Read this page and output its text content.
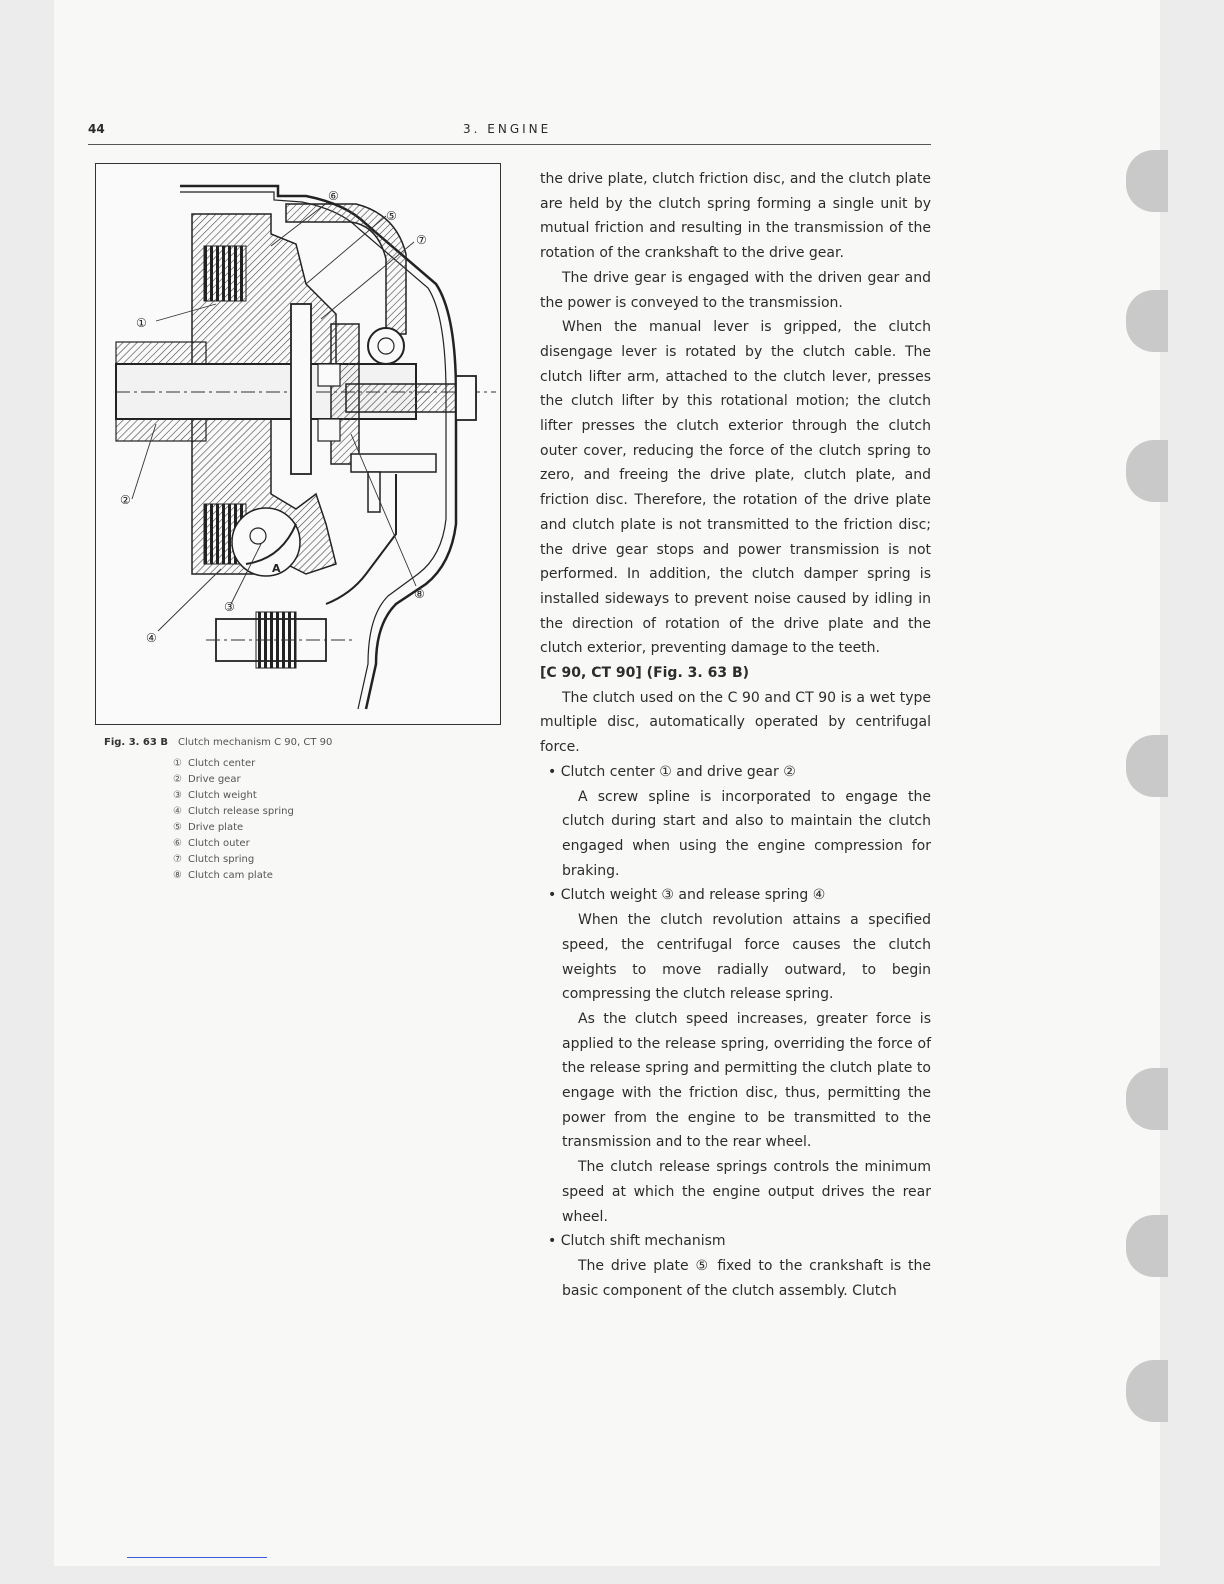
44	3. ENGINE
⑥
⑤
⑦
①
②
③
⑧
④
A
Fig. 3. 63 B Clutch mechanism C 90, CT 90
① Clutch center
② Drive gear
③ Clutch weight
④ Clutch release spring
⑤ Drive plate
⑥ Clutch outer
⑦ Clutch spring
⑧ Clutch cam plate

the drive plate, clutch friction disc, and the clutch plate are held by the clutch spring forming a single unit by mutual friction and resulting in the transmission of the rotation of the crankshaft to the drive gear.

The drive gear is engaged with the driven gear and the power is conveyed to the transmission.

When the manual lever is gripped, the clutch disengage lever is rotated by the clutch cable. The clutch lifter arm, attached to the clutch lever, presses the clutch lifter by this rotational motion; the clutch lifter presses the clutch exterior through the clutch outer cover, reducing the force of the clutch spring to zero, and freeing the drive plate, clutch plate, and friction disc. Therefore, the rotation of the drive plate and clutch plate is not transmitted to the friction disc; the drive gear stops and power transmission is not performed. In addition, the clutch damper spring is installed sideways to prevent noise caused by idling in the direction of rotation of the drive plate and the clutch exterior, preventing damage to the teeth.

[C 90, CT 90] (Fig. 3. 63 B)

The clutch used on the C 90 and CT 90 is a wet type multiple disc, automatically operated by centrifugal force.

• Clutch center ① and drive gear ②

A screw spline is incorporated to engage the clutch during start and also to maintain the clutch engaged when using the engine compression for braking.

• Clutch weight ③ and release spring ④

When the clutch revolution attains a specified speed, the centrifugal force causes the clutch weights to move radially outward, to begin compressing the clutch release spring.

As the clutch speed increases, greater force is applied to the release spring, overriding the force of the release spring and permitting the clutch plate to engage with the friction disc, thus, permitting the power from the engine to be transmitted to the transmission and to the rear wheel.

The clutch release springs controls the minimum speed at which the engine output drives the rear wheel.

• Clutch shift mechanism

The drive plate ⑤ fixed to the crankshaft is the basic component of the clutch assembly. Clutch
